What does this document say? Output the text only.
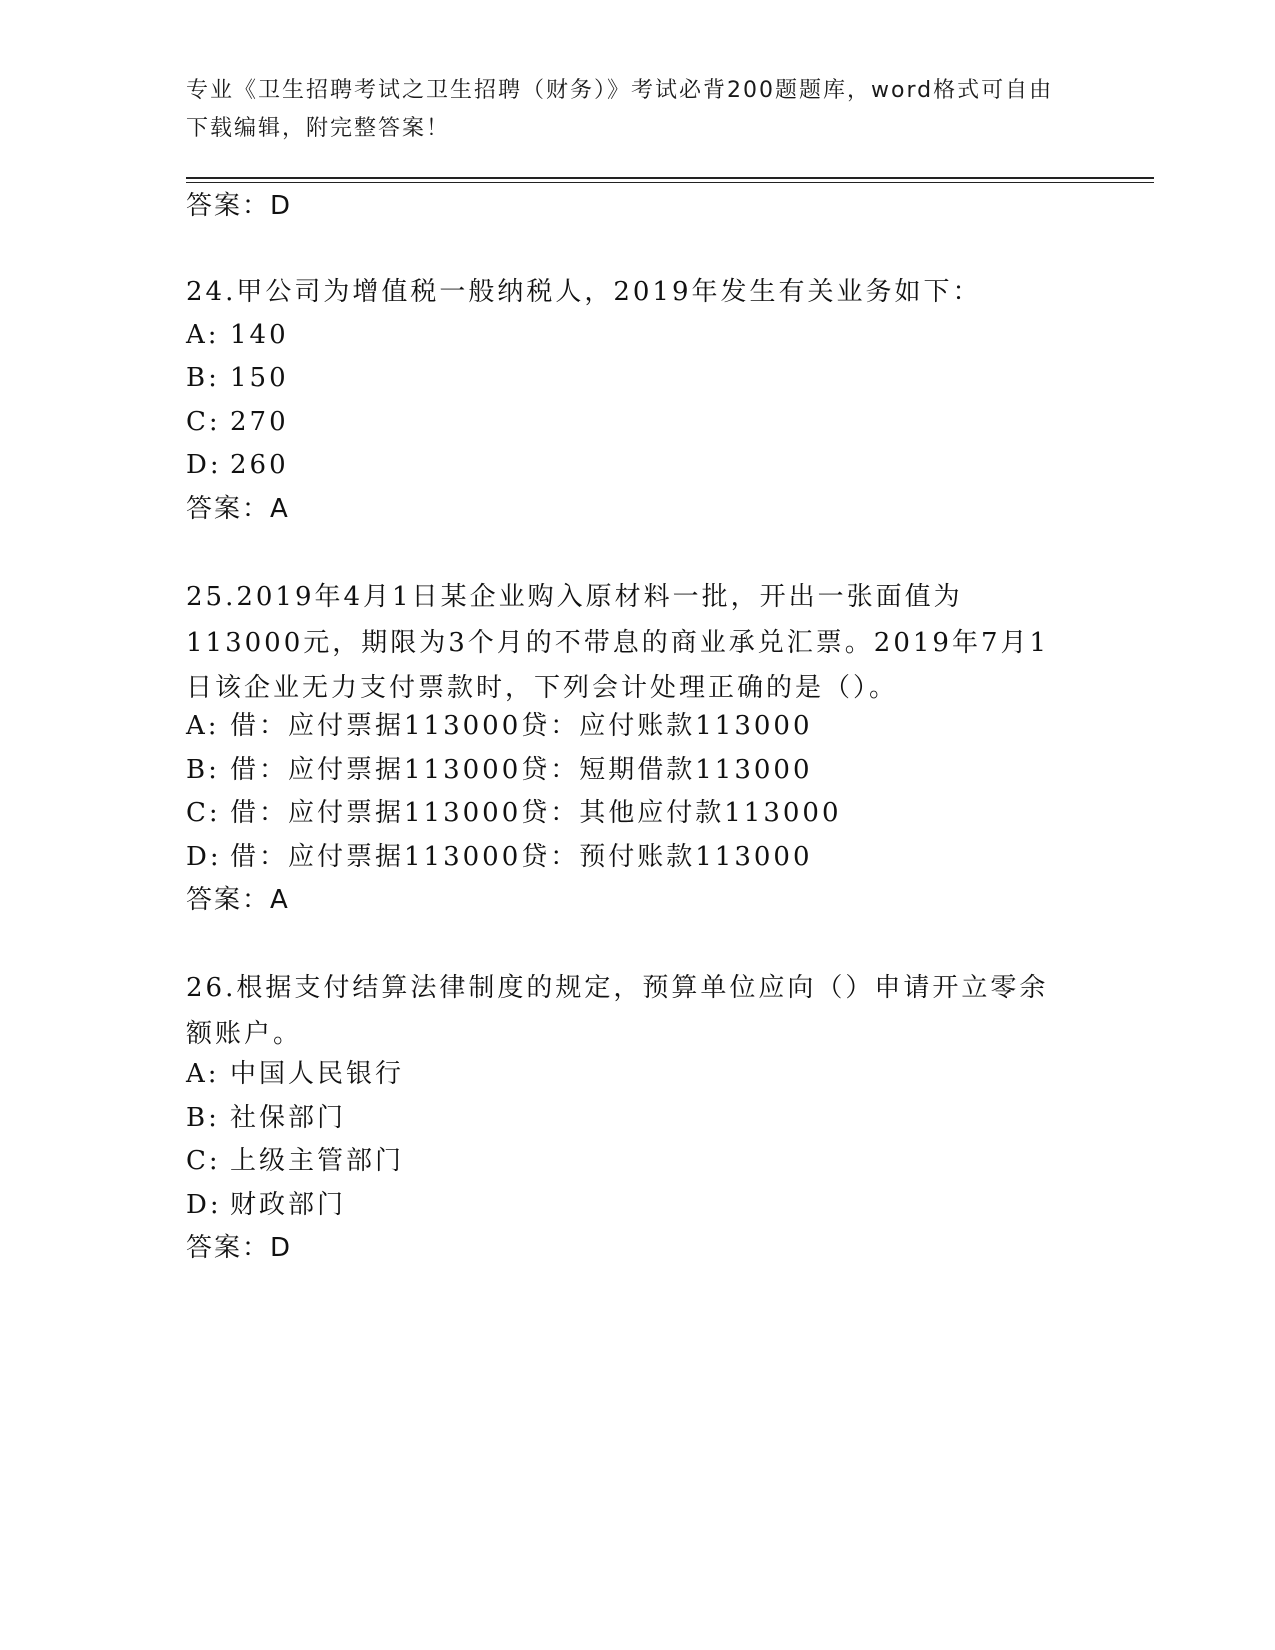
专业《卫生招聘考试之卫生招聘（财务）》考试必背200题题库，word格式可自由下载编辑，附完整答案！
答案：D
24.甲公司为增值税一般纳税人，2019年发生有关业务如下：
A: 140
B: 150
C: 270
D: 260
答案：A
25.2019年4月1日某企业购入原材料一批，开出一张面值为113000元，期限为3个月的不带息的商业承兑汇票。2019年7月1日该企业无力支付票款时，下列会计处理正确的是（）。
A: 借：应付票据113000贷：应付账款113000
B: 借：应付票据113000贷：短期借款113000
C: 借：应付票据113000贷：其他应付款113000
D: 借：应付票据113000贷：预付账款113000
答案：A
26.根据支付结算法律制度的规定，预算单位应向（）申请开立零余额账户。
A: 中国人民银行
B: 社保部门
C: 上级主管部门
D: 财政部门
答案：D
